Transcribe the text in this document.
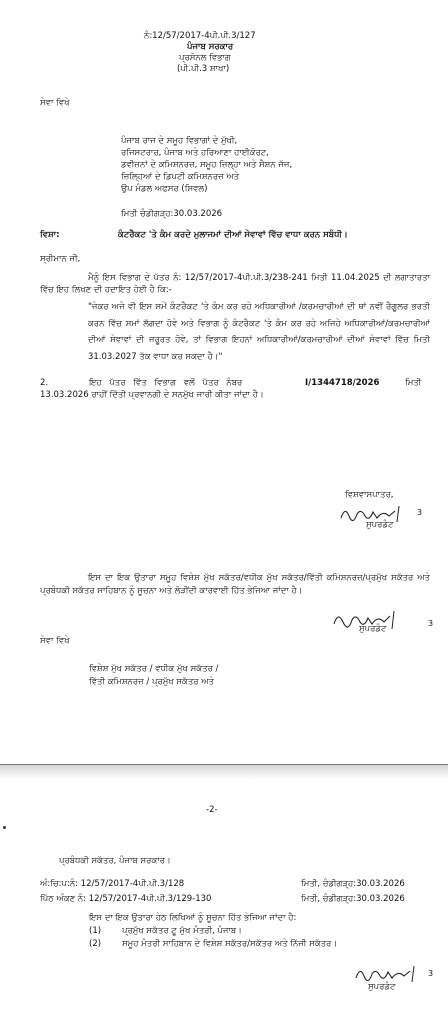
ਨੰ:12/57/2017-4ਪੀ.ਪੀ.3/127
ਪੰਜਾਬ ਸਰਕਾਰ
ਪ੍ਰਸੋਨਲ ਵਿਭਾਗ
(ਪੀ.ਪੀ.3 ਸ਼ਾਖਾ)
ਸੇਵਾ ਵਿਖੇ
ਪੰਜਾਬ ਰਾਜ ਦੇ ਸਮੂਹ ਵਿਭਾਗਾਂ ਦੇ ਮੁੱਖੀ,
ਰਜਿਸਟਰਾਰ, ਪੰਜਾਬ ਅਤੇ ਹਰਿਆਣਾ ਹਾਈਕੋਰਟ,
ਡਵੀਜ਼ਨਾਂ ਦੇ ਕਮਿਸ਼ਨਰਜ਼, ਸਮੂਹ ਜ਼ਿਲ੍ਹਾ ਅਤੇ ਸੈਸ਼ਨ ਜੱਜ,
ਜ਼ਿਲ੍ਹਿਆਂ ਦੇ ਡਿਪਟੀ ਕਮਿਸ਼ਨਰਜ਼ ਅਤੇ
ਉਪ ਮੰਡਲ ਅਫਸਰ (ਸਿਵਲ)
ਮਿਤੀ ਚੰਡੀਗੜ੍ਹ:30.03.2026
ਵਿਸ਼ਾ:	ਕੰਟਰੈਕਟ 'ਤੇ ਕੰਮ ਕਰਦੇ ਮੁਲਾਜਮਾਂ ਦੀਆਂ ਸੇਵਾਵਾਂ ਵਿੱਚ ਵਾਧਾ ਕਰਨ ਸਬੰਧੀ।
ਸ੍ਰੀਮਾਨ ਜੀ,
ਮੈਨੂੰ ਇਸ ਵਿਭਾਗ ਦੇ ਪੱਤਰ ਨੰ: 12/57/2017-4ਪੀ.ਪੀ.3/238-241 ਮਿਤੀ 11.04.2025 ਦੀ ਲਗਾਤਾਰਤਾ ਵਿੱਚ ਇਹ ਲਿਖਣ ਦੀ ਹਦਾਇਤ ਹੋਈ ਹੈ ਕਿ:-
"ਜੇਕਰ ਅਜੇ ਵੀ ਇਸ ਸਮੇਂ ਕੰਟਰੈਕਟ 'ਤੇ ਕੰਮ ਕਰ ਰਹੇ ਅਧਿਕਾਰੀਆਂ /ਕਰਮਚਾਰੀਆਂ ਦੀ ਥਾਂ ਨਵੀਂ ਰੈਗੂਲਰ ਭਰਤੀ ਕਰਨ ਵਿੱਚ ਸਮਾਂ ਲੱਗਦਾ ਹੋਵੇ ਅਤੇ ਵਿਭਾਗ ਨੂੰ ਕੰਟਰੈਕਟ 'ਤੇ ਕੰਮ ਕਰ ਰਹੇ ਅਜਿਹੇ ਅਧਿਕਾਰੀਆਂ/ਕਰਮਚਾਰੀਆਂ ਦੀਆਂ ਸੇਵਾਵਾਂ ਦੀ ਜਰੂਰਤ ਹੋਵੇ, ਤਾਂ ਵਿਭਾਗ ਇਹਨਾਂ ਅਧਿਕਾਰੀਆਂ/ਕਰਮਚਾਰੀਆਂ ਦੀਆਂ ਸੇਵਾਵਾਂ ਵਿੱਚ ਮਿਤੀ 31.03.2027 ਤੱਕ ਵਾਧਾ ਕਰ ਸਕਦਾ ਹੈ।"
2.	ਇਹ ਪੱਤਰ ਵਿੱਤ ਵਿਭਾਗ ਵਲੋਂ ਪੱਤਰ ਨੰਬਰ	I/1344718/2026	ਮਿਤੀ
13.03.2026 ਰਾਹੀਂ ਦਿੱਤੀ ਪ੍ਰਵਾਨਗੀ ਦੇ ਸਨਮੁੱਖ ਜਾਰੀ ਕੀਤਾ ਜਾਂਦਾ ਹੈ।
ਵਿਸ਼ਵਾਸਪਾਤਰ,
3
ਸੁਪਰਡੰਟ
ਇਸ ਦਾ ਇਕ ਉਤਾਰਾ ਸਮੂਹ ਵਿਸ਼ੇਸ਼ ਮੁੱਖ ਸਕੱਤਰ/ਵਧੀਕ ਮੁੱਖ ਸਕੱਤਰ/ਵਿੱਤੀ ਕਮਿਸ਼ਨਰਜ਼/ਪ੍ਰਮੁੱਖ ਸਕੱਤਰ ਅਤੇ ਪ੍ਰਬੰਧਕੀ ਸਕੱਤਰ ਸਾਹਿਬਾਨ ਨੂੰ ਸੂਚਨਾ ਅਤੇ ਲੋੜੀਂਦੀ ਕਾਰਵਾਈ ਹਿੱਤ ਭੇਜਿਆ ਜਾਂਦਾ ਹੈ।
3
ਸੁਪਰਡੰਟ
ਸੇਵਾ ਵਿਖੇ
ਵਿਸ਼ੇਸ਼ ਮੁੱਖ ਸਕੱਤਰ / ਵਧੀਕ ਮੁੱਖ ਸਕੱਤਰ /
ਵਿੱਤੀ ਕਮਿਸ਼ਨਰਜ਼ / ਪ੍ਰਮੁੱਖ ਸਕੱਤਰ ਅਤੇ
-2-
ਪ੍ਰਬੰਧਕੀ ਸਕੱਤਰ, ਪੰਜਾਬ ਸਰਕਾਰ।
ਅੰ:ਚਿ:ਪ:ਨੰ: 12/57/2017-4ਪੀ.ਪੀ.3/128	ਮਿਤੀ, ਚੰਡੀਗੜ੍ਹ:30.03.2026
ਪਿੱਠ ਅੰਕਣ ਨੰ: 12/57/2017-4ਪੀ.ਪੀ.3/129-130	ਮਿਤੀ, ਚੰਡੀਗੜ੍ਹ:30.03.2026
ਇਸ ਦਾ ਇਕ ਉਤਾਰਾ ਹੇਠ ਲਿਖਿਆਂ ਨੂੰ ਸੂਚਨਾ ਹਿੱਤ ਭੇਜਿਆ ਜਾਂਦਾ ਹੈ:
(1) ਪ੍ਰਮੁੱਖ ਸਕੱਤਰ ਟੂ ਮੁੱਖ ਮੰਤਰੀ, ਪੰਜਾਬ।
(2) ਸਮੂਹ ਮੰਤਰੀ ਸਾਹਿਬਾਨ ਦੇ ਵਿਸ਼ੇਸ਼ ਸਕੱਤਰ/ਸਕੱਤਰ ਅਤੇ ਨਿੱਜੀ ਸਕੱਤਰ।
3
ਸੁਪਰਡੰਟ
